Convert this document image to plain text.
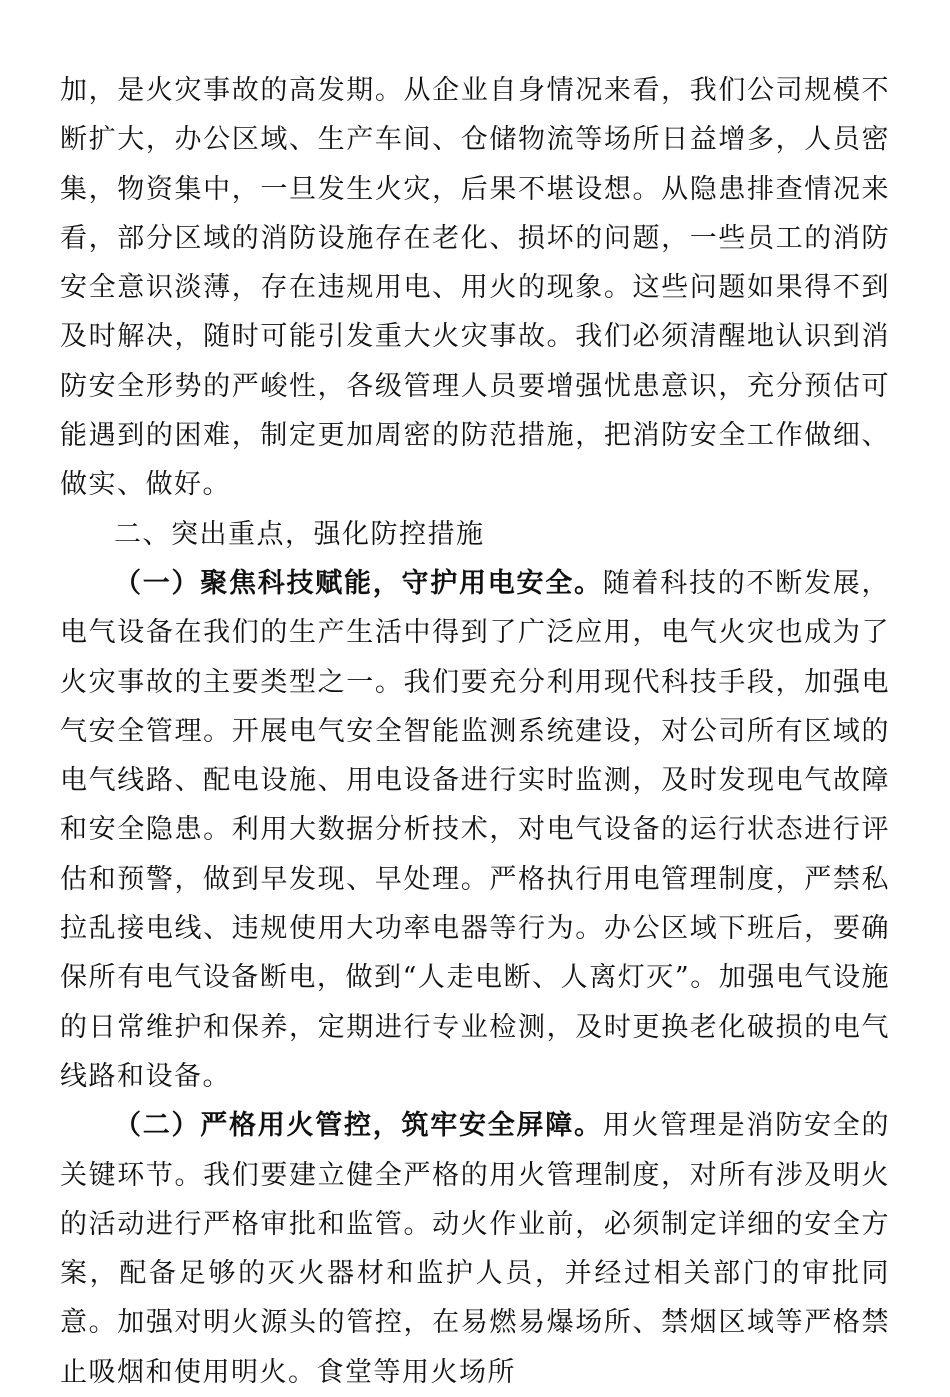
加，是火灾事故的高发期。从企业自身情况来看，我们公司规模不断扩大，办公区域、生产车间、仓储物流等场所日益增多，人员密集，物资集中，一旦发生火灾，后果不堪设想。从隐患排查情况来看，部分区域的消防设施存在老化、损坏的问题，一些员工的消防安全意识淡薄，存在违规用电、用火的现象。这些问题如果得不到及时解决，随时可能引发重大火灾事故。我们必须清醒地认识到消防安全形势的严峻性，各级管理人员要增强忧患意识，充分预估可能遇到的困难，制定更加周密的防范措施，把消防安全工作做细、做实、做好。

二、突出重点，强化防控措施

（一）聚焦科技赋能，守护用电安全。随着科技的不断发展，电气设备在我们的生产生活中得到了广泛应用，电气火灾也成为了火灾事故的主要类型之一。我们要充分利用现代科技手段，加强电气安全管理。开展电气安全智能监测系统建设，对公司所有区域的电气线路、配电设施、用电设备进行实时监测，及时发现电气故障和安全隐患。利用大数据分析技术，对电气设备的运行状态进行评估和预警，做到早发现、早处理。严格执行用电管理制度，严禁私拉乱接电线、违规使用大功率电器等行为。办公区域下班后，要确保所有电气设备断电，做到“人走电断、人离灯灭”。加强电气设施的日常维护和保养，定期进行专业检测，及时更换老化破损的电气线路和设备。

（二）严格用火管控，筑牢安全屏障。用火管理是消防安全的关键环节。我们要建立健全严格的用火管理制度，对所有涉及明火的活动进行严格审批和监管。动火作业前，必须制定详细的安全方案，配备足够的灭火器材和监护人员，并经过相关部门的审批同意。加强对明火源头的管控，在易燃易爆场所、禁烟区域等严格禁止吸烟和使用明火。食堂等用火场所
